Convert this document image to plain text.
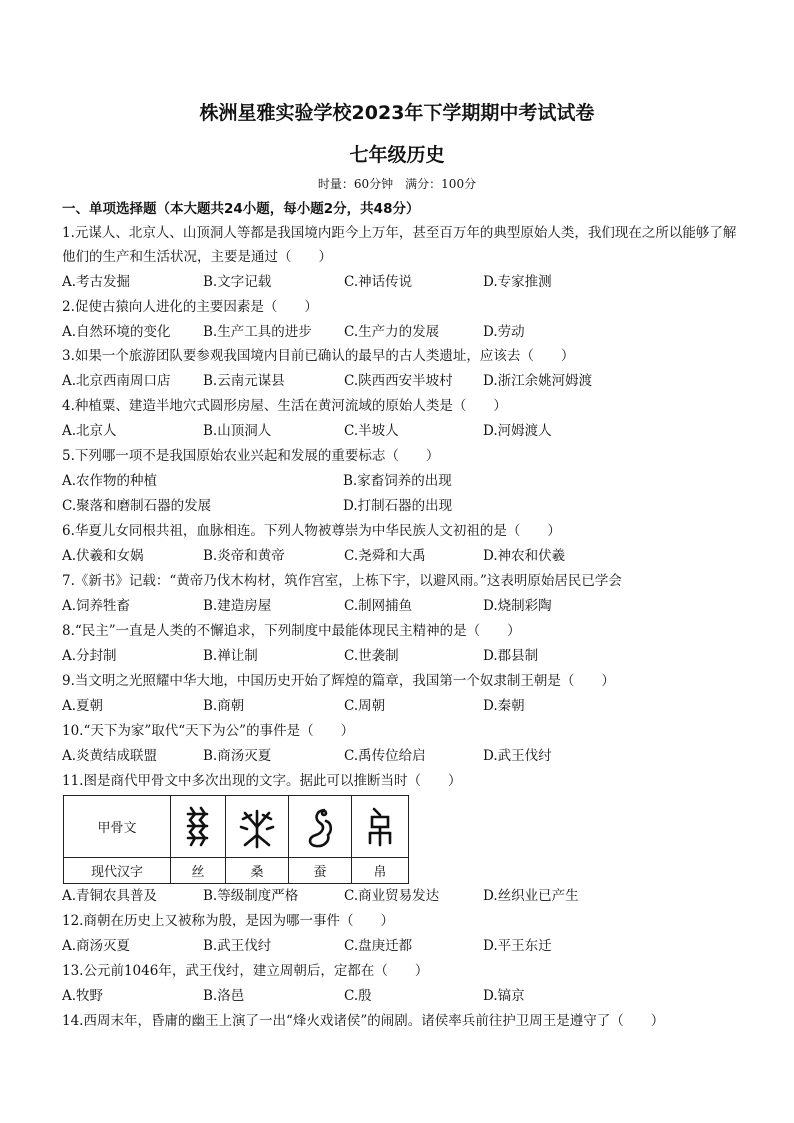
株洲星雅实验学校2023年下学期期中考试试卷
七年级历史
时量：60分钟　满分：100分
一、单项选择题（本大题共24小题，每小题2分，共48分）
1.元谋人、北京人、山顶洞人等都是我国境内距今上万年，甚至百万年的典型原始人类，我们现在之所以能够了解他们的生产和生活状况，主要是通过（　　）
A.考古发掘	B.文字记载	C.神话传说	D.专家推测
2.促使古猿向人进化的主要因素是（　　）
A.自然环境的变化 B.生产工具的进步 C.生产力的发展	D.劳动
3.如果一个旅游团队要参观我国境内目前已确认的最早的古人类遗址，应该去（　　）
A.北京西南周口店 B.云南元谋县	C.陕西西安半坡村 D.浙江余姚河姆渡
4.种植粟、建造半地穴式圆形房屋、生活在黄河流域的原始人类是（　　）
A.北京人	B.山顶洞人	C.半坡人	D.河姆渡人
5.下列哪一项不是我国原始农业兴起和发展的重要标志（　　）
A.农作物的种植	B.家畜饲养的出现
C.聚落和磨制石器的发展	D.打制石器的出现
6.华夏儿女同根共祖，血脉相连。下列人物被尊崇为中华民族人文初祖的是（　　）
A.伏羲和女娲	B.炎帝和黄帝	C.尧舜和大禹	D.神农和伏羲
7.《新书》记载：“黄帝乃伐木构材，筑作宫室，上栋下宇，以避风雨。”这表明原始居民已学会
A.饲养牲畜	B.建造房屋	C.制网捕鱼	D.烧制彩陶
8.“民主”一直是人类的不懈追求，下列制度中最能体现民主精神的是（　　）
A.分封制	B.禅让制	C.世袭制	D.郡县制
9.当文明之光照耀中华大地，中国历史开始了辉煌的篇章，我国第一个奴隶制王朝是（　　）
A.夏朝	B.商朝	C.周朝	D.秦朝
10.“天下为家”取代“天下为公”的事件是（　　）
A.炎黄结成联盟	B.商汤灭夏	C.禹传位给启	D.武王伐纣
11.图是商代甲骨文中多次出现的文字。据此可以推断当时（　　）
甲骨文	

现代汉字	丝	桑	蚕	帛
A.青铜农具普及	B.等级制度严格	C.商业贸易发达	D.丝织业已产生
12.商朝在历史上又被称为殷，是因为哪一事件（　　）
A.商汤灭夏	B.武王伐纣	C.盘庚迁都	D.平王东迁
13.公元前1046年，武王伐纣，建立周朝后，定都在（　　）
A.牧野	B.洛邑	C.殷	D.镐京
14.西周末年，昏庸的幽王上演了一出“烽火戏诸侯”的闹剧。诸侯率兵前往护卫周王是遵守了（　　）
